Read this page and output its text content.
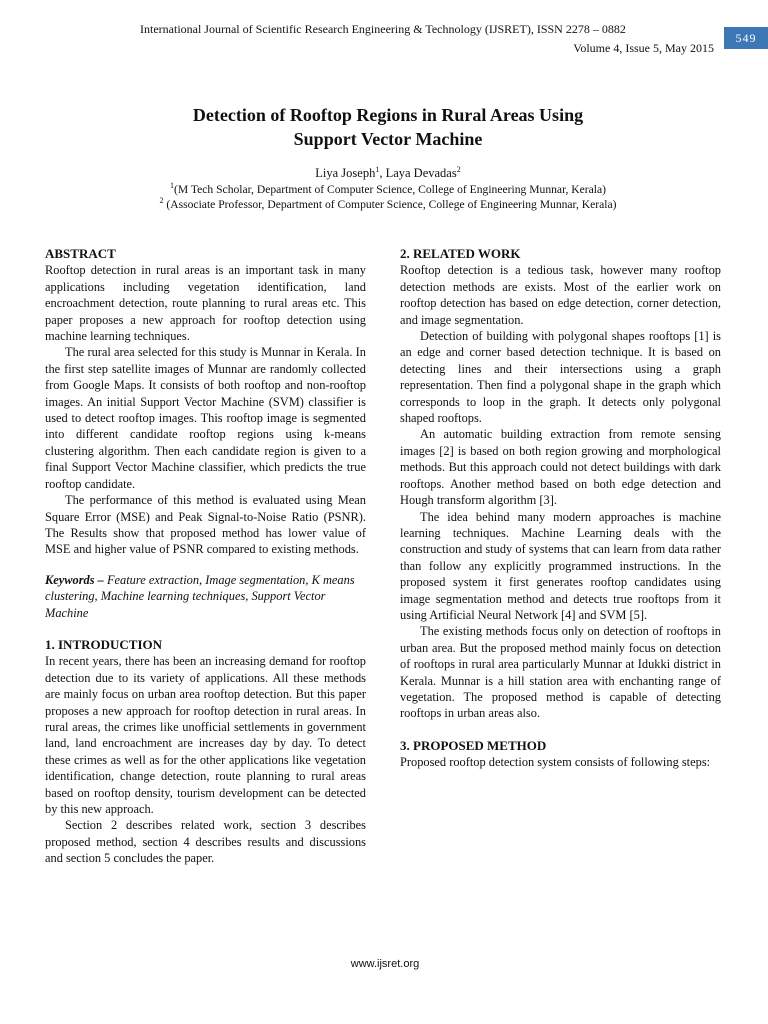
International Journal of Scientific Research Engineering & Technology (IJSRET), ISSN 2278 – 0882
Volume 4, Issue 5, May 2015
549
Detection of Rooftop Regions in Rural Areas Using
Support Vector Machine
Liya Joseph$^1$, Laya Devadas$^2$
$^1$(M Tech Scholar, Department of Computer Science, College of Engineering Munnar, Kerala)
$^2$ (Associate Professor, Department of Computer Science, College of Engineering Munnar, Kerala)
ABSTRACT

Rooftop detection in rural areas is an important task in many applications including vegetation identification, land encroachment detection, route planning to rural areas etc. This paper proposes a new approach for rooftop detection using machine learning techniques.

The rural area selected for this study is Munnar in Kerala. In the first step satellite images of Munnar are randomly collected from Google Maps. It consists of both rooftop and non-rooftop images. An initial Support Vector Machine (SVM) classifier is used to detect rooftop images. This rooftop image is segmented into different candidate rooftop regions using k-means clustering algorithm. Then each candidate region is given to a final Support Vector Machine classifier, which predicts the true rooftop candidate.

The performance of this method is evaluated using Mean Square Error (MSE) and Peak Signal-to-Noise Ratio (PSNR). The Results show that proposed method has lower value of MSE and higher value of PSNR compared to existing methods.

Keywords – Feature extraction, Image segmentation, K means clustering, Machine learning techniques, Support Vector Machine

1. INTRODUCTION

In recent years, there has been an increasing demand for rooftop detection due to its variety of applications. All these methods are mainly focus on urban area rooftop detection. But this paper proposes a new approach for rooftop detection in rural areas. In rural areas, the crimes like unofficial settlements in government land, land encroachment are increases day by day. To detect these crimes as well as for the other applications like vegetation identification, change detection, route planning to rural areas based on rooftop density, tourism development can be detected by this new approach.

Section 2 describes related work, section 3 describes proposed method, section 4 describes results and discussions and section 5 concludes the paper.

2. RELATED WORK

Rooftop detection is a tedious task, however many rooftop detection methods are exists. Most of the earlier work on rooftop detection has based on edge detection, corner detection, and image segmentation.

Detection of building with polygonal shapes rooftops [1] is an edge and corner based detection technique. It is based on detecting lines and their intersections using a graph representation. Then find a polygonal shape in the graph which corresponds to loop in the graph. It detects only polygonal shaped rooftops.

An automatic building extraction from remote sensing images [2] is based on both region growing and morphological methods. But this approach could not detect buildings with dark rooftops. Another method based on both edge detection and Hough transform algorithm [3].

The idea behind many modern approaches is machine learning techniques. Machine Learning deals with the construction and study of systems that can learn from data rather than follow any explicitly programmed instructions. In the proposed system it first generates rooftop candidates using image segmentation method and detects true rooftops from it using Artificial Neural Network [4] and SVM [5].

The existing methods focus only on detection of rooftops in urban area. But the proposed method mainly focus on detection of rooftops in rural area particularly Munnar at Idukki district in Kerala. Munnar is a hill station area with enchanting range of vegetation. The proposed method is capable of detecting rooftops in urban areas also.

3. PROPOSED METHOD

Proposed rooftop detection system consists of following steps:

www.ijsret.org
